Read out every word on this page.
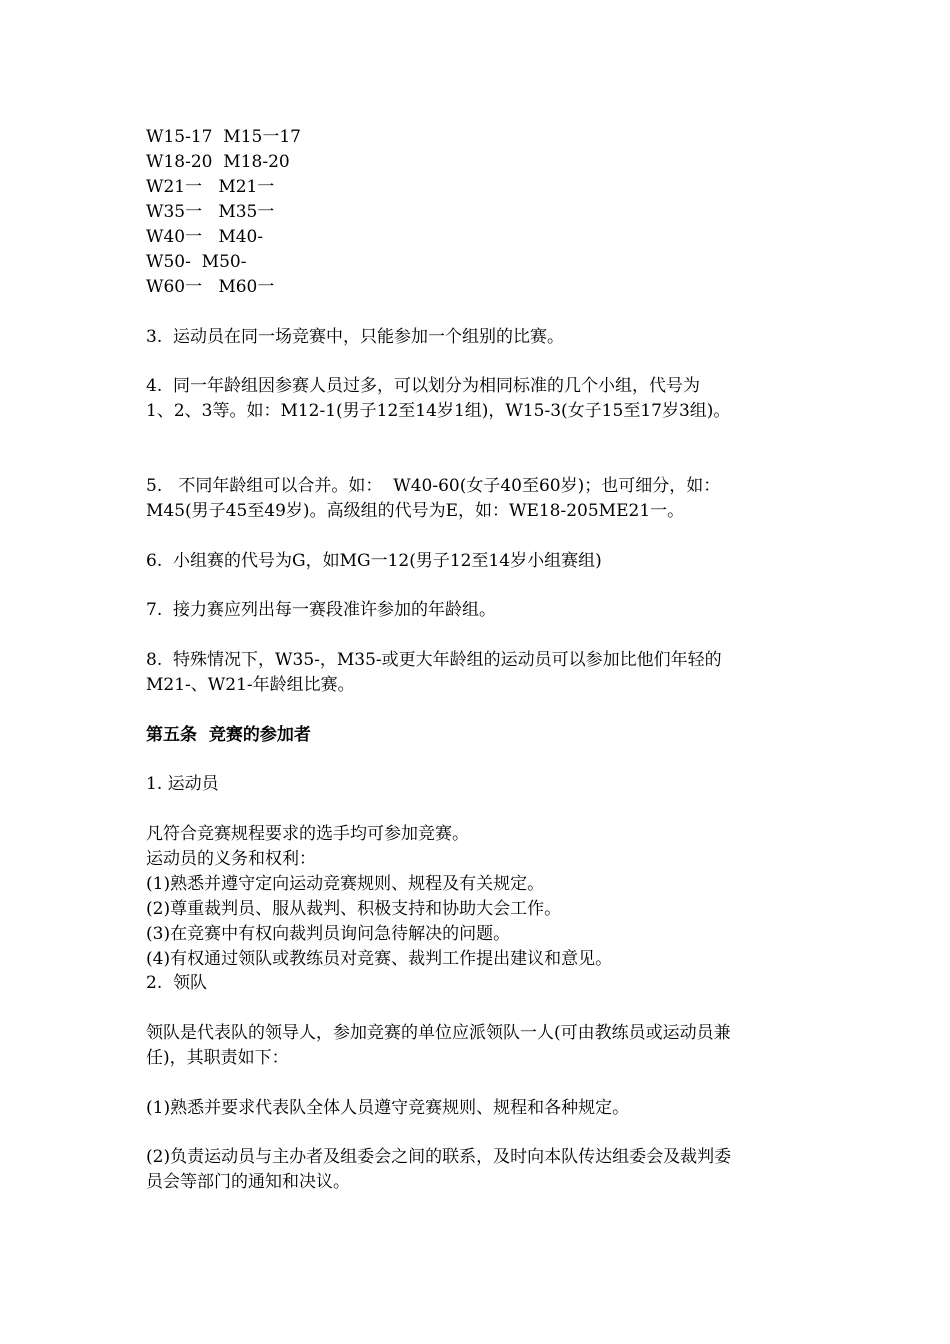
W15-17  M15一17
W18-20  M18-20
W21一   M21一
W35一   M35一
W40一   M40-
W50-  M50-
W60一   M60一
3.  运动员在同一场竞赛中，只能参加一个组别的比赛。
4.  同一年龄组因参赛人员过多，可以划分为相同标准的几个小组，代号为
1、2、3等。如：M12-1(男子12至14岁1组)，W15-3(女子15至17岁3组)。
5.   不同年龄组可以合并。如：  W40-60(女子40至60岁)；也可细分，如：
M45(男子45至49岁)。高级组的代号为E，如：WE18-205ME21一。
6.  小组赛的代号为G，如MG一12(男子12至14岁小组赛组)
7.  接力赛应列出每一赛段准许参加的年龄组。
8.  特殊情况下，W35-，M35-或更大年龄组的运动员可以参加比他们年轻的
M21-、W21-年龄组比赛。
第五条  竞赛的参加者
1. 运动员
凡符合竞赛规程要求的选手均可参加竞赛。
运动员的义务和权利：
(1)熟悉并遵守定向运动竞赛规则、规程及有关规定。
(2)尊重裁判员、服从裁判、积极支持和协助大会工作。
(3)在竞赛中有权向裁判员询问急待解决的问题。
(4)有权通过领队或教练员对竞赛、裁判工作提出建议和意见。
2.  领队
领队是代表队的领导人，参加竞赛的单位应派领队一人(可由教练员或运动员兼
任)，其职责如下：
(1)熟悉并要求代表队全体人员遵守竞赛规则、规程和各种规定。
(2)负责运动员与主办者及组委会之间的联系，及时向本队传达组委会及裁判委
员会等部门的通知和决议。
